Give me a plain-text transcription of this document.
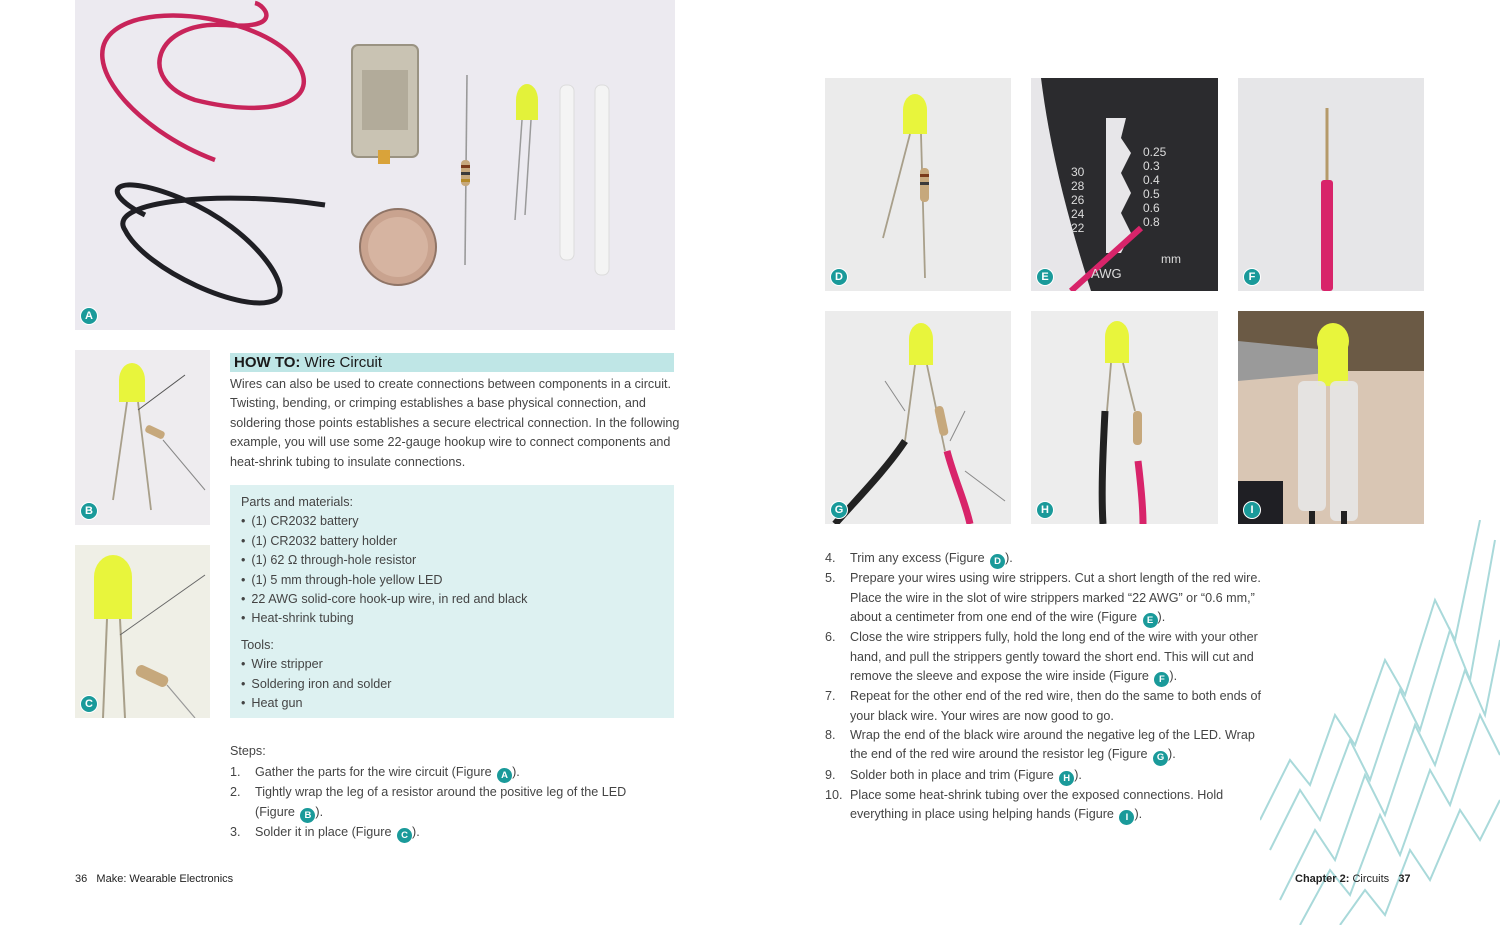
A
B
C
HOW TO: Wire Circuit

Wires can also be used to create connections between components in a circuit. Twisting, bending, or crimping establishes a base physical connection, and soldering those points establishes a secure electrical connection. In the following example, you will use some 22-gauge hookup wire to connect components and heat-shrink tubing to insulate connections.

Parts and materials:
• (1) CR2032 battery
• (1) CR2032 battery holder
• (1) 62 Ω through-hole resistor
• (1) 5 mm through-hole yellow LED
• 22 AWG solid-core hook-up wire, in red and black
• Heat-shrink tubing
Tools:
• Wire stripper
• Soldering iron and solder
• Heat gun
Steps:
1. Gather the parts for the wire circuit (Figure A ).
2. Tightly wrap the leg of a resistor around the positive leg of the LED (Figure B ).
3. Solder it in place (Figure C ).
36 Make: Wearable Electronics
D
30
28
26
24
22
AWG
0.25
0.3
0.4
0.5
0.6
0.8
mm
E	F
G	H	I
4. Trim any excess (Figure D ).
5. Prepare your wires using wire strippers. Cut a short length of the red wire. Place the wire in the slot of wire strippers marked “22 AWG” or “0.6 mm,” about a centimeter from one end of the wire (Figure E ).
6. Close the wire strippers fully, hold the long end of the wire with your other hand, and pull the strippers gently toward the short end. This will cut and remove the sleeve and expose the wire inside (Figure F ).
7. Repeat for the other end of the red wire, then do the same to both ends of your black wire. Your wires are now good to go.
8. Wrap the end of the black wire around the negative leg of the LED. Wrap the end of the red wire around the resistor leg (Figure G ).
9. Solder both in place and trim (Figure H ).
10. Place some heat-shrink tubing over the exposed connections. Hold everything in place using helping hands (Figure I ).
Chapter 2: Circuits 37
